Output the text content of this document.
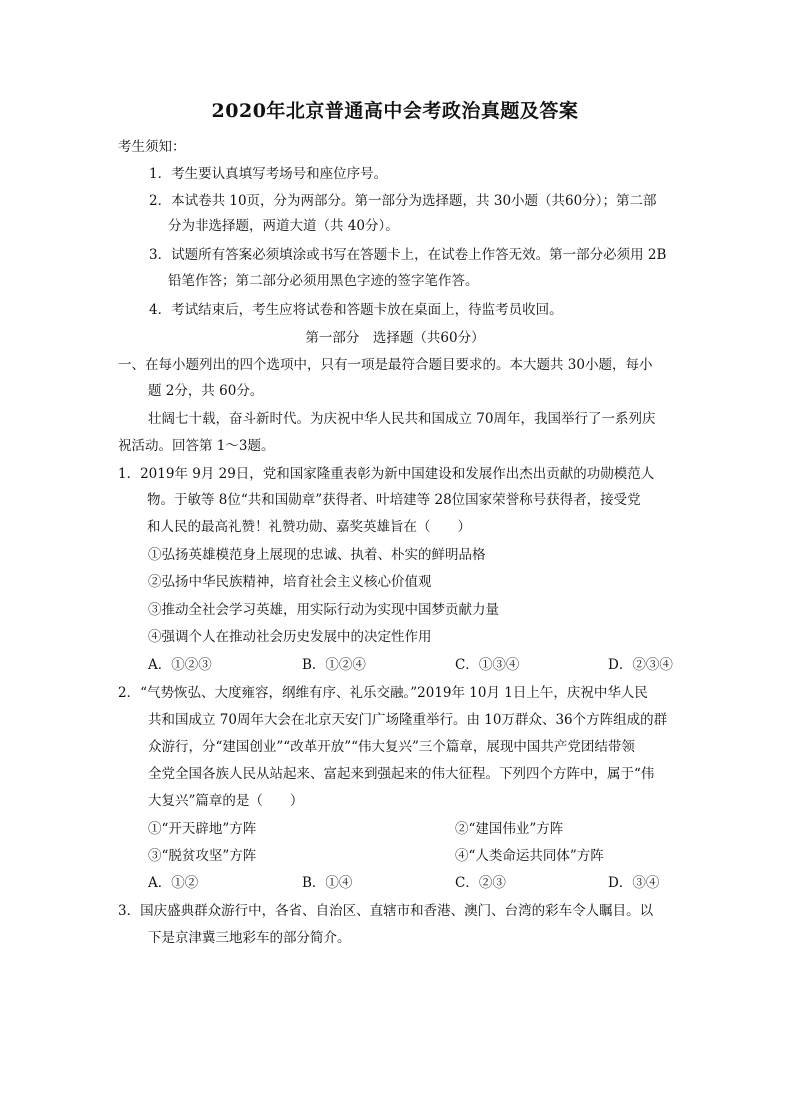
2020年北京普通高中会考政治真题及答案
考生须知：
1．考生要认真填写考场号和座位序号。
2．本试卷共 10页，分为两部分。第一部分为选择题，共 30小题（共60分）；第二部
分为非选择题，两道大道（共 40分）。
3．试题所有答案必须填涂或书写在答题卡上，在试卷上作答无效。第一部分必须用 2B
铅笔作答；第二部分必须用黑色字迹的签字笔作答。
4．考试结束后，考生应将试卷和答题卡放在桌面上，待监考员收回。
第一部分　选择题（共60分）
一、在每小题列出的四个选项中，只有一项是最符合题目要求的。本大题共 30小题，每小
题 2分，共 60分。
壮阔七十载，奋斗新时代。为庆祝中华人民共和国成立 70周年，我国举行了一系列庆
祝活动。回答第 1～3题。
1．2019年 9月 29日，党和国家隆重表彰为新中国建设和发展作出杰出贡献的功勋模范人
物。于敏等 8位“共和国勋章”获得者、叶培建等 28位国家荣誉称号获得者，接受党
和人民的最高礼赞！礼赞功勋、嘉奖英雄旨在（　　）
①弘扬英雄模范身上展现的忠诚、执着、朴实的鲜明品格
②弘扬中华民族精神，培育社会主义核心价值观
③推动全社会学习英雄，用实际行动为实现中国梦贡献力量
④强调个人在推动社会历史发展中的决定性作用
A．①②③	B．①②④	C．①③④	D．②③④
2．“气势恢弘、大度雍容，纲维有序、礼乐交融。”2019年 10月 1日上午，庆祝中华人民
共和国成立 70周年大会在北京天安门广场隆重举行。由 10万群众、36个方阵组成的群
众游行，分“建国创业”“改革开放”“伟大复兴”三个篇章，展现中国共产党团结带领
全党全国各族人民从站起来、富起来到强起来的伟大征程。下列四个方阵中，属于“伟
大复兴”篇章的是（　　）
①“开天辟地”方阵	②“建国伟业”方阵
③“脱贫攻坚”方阵	④“人类命运共同体”方阵
A．①②	B．①④	C．②③	D．③④
3．国庆盛典群众游行中，各省、自治区、直辖市和香港、澳门、台湾的彩车令人瞩目。以
下是京津冀三地彩车的部分简介。
